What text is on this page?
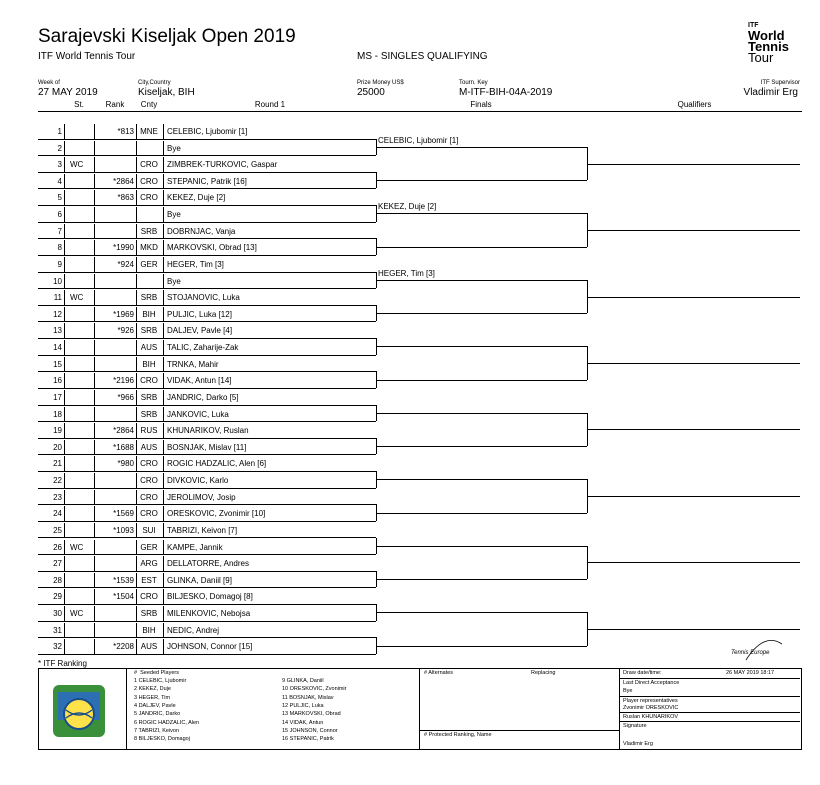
Sarajevski Kiseljak Open 2019
ITF World Tennis Tour	MS - SINGLES QUALIFYING
ITF
World
Tennis
Tour
Week of
27 MAY 2019
City,Country
Kiseljak, BIH
Prize Money US$
25000
Tourn. Key
M-ITF-BIH-04A-2019
ITF Supervisor
Vladimir Erg
St.	Rank	Cnty	Round 1	Finals	Qualifiers
1	*813 MNE	CELEBIC, Ljubomir [1]
2	Bye
3	WC	CRO	ZIMBREK-TURKOVIC, Gaspar
4	*2864 CRO	STEPANIC, Patrik [16]
5	*863 CRO	KEKEZ, Duje [2]
6	Bye
7	SRB	DOBRNJAC, Vanja
8	*1990 MKD	MARKOVSKI, Obrad [13]
9	*924 GER	HEGER, Tim [3]
10	Bye
11	WC	SRB	STOJANOVIC, Luka
12	*1969	BIH	PULJIC, Luka [12]
13	*926 SRB	DALJEV, Pavle [4]
14	AUS	TALIC, Zaharije-Zak
15	BIH	TRNKA, Mahir
16	*2196 CRO	VIDAK, Antun [14]
17	*966 SRB	JANDRIC, Darko [5]
18	SRB	JANKOVIC, Luka
19	*2864 RUS	KHUNARIKOV, Ruslan
20	*1688 AUS	BOSNJAK, Mislav [11]
21	*980 CRO	ROGIC HADZALIC, Alen [6]
22	CRO	DIVKOVIC, Karlo
23	CRO	JEROLIMOV, Josip
24	*1569 CRO	ORESKOVIC, Zvonimir [10]
25	*1093	SUI	TABRIZI, Keivon [7]
26	WC	GER	KAMPE, Jannik
27	ARG	DELLATORRE, Andres
28	*1539 EST	GLINKA, Daniil [9]
29	*1504 CRO	BILJESKO, Domagoj [8]
30	WC	SRB	MILENKOVIC, Nebojsa
31	BIH	NEDIC, Andrej
32	*2208 AUS	JOHNSON, Connor [15]
CELEBIC, Ljubomir [1]
KEKEZ, Duje [2]
HEGER, Tim [3]
* ITF Ranking
#  Seeded Players
1 CELEBIC, Ljubomir
2 KEKEZ, Duje
3 HEGER, Tim
4 DALJEV, Pavle
5 JANDRIC, Darko
6 ROGIC HADZALIC, Alen
7 TABRIZI, Keivon
8 BILJESKO, Domagoj
9 GLINKA, Daniil
10 ORESKOVIC, Zvonimir
11 BOSNJAK, Mislav
12 PULJIC, Luka
13 MARKOVSKI, Obrad
14 VIDAK, Antun
15 JOHNSON, Connor
16 STEPANIC, Patrik
# Alternates	Replacing
# Protected Ranking, Name
Draw date/time:	26 MAY 2019 18:17
Last Direct Acceptance
Bye
Player representatives
Zvonimir ORESKOVIC
Ruslan KHUNARIKOV
Signature
Vladimir Erg
Tennis Europe
